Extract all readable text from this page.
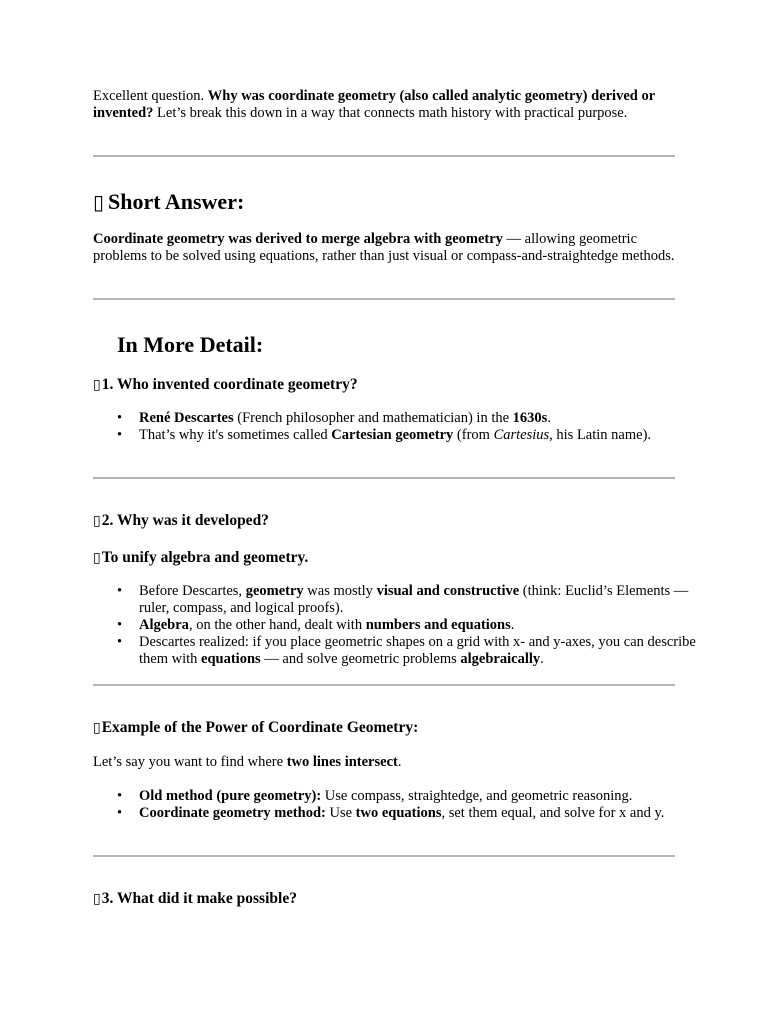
Excellent question. Why was coordinate geometry (also called analytic geometry) derived or invented? Let’s break this down in a way that connects math history with practical purpose.

▯ Short Answer:

Coordinate geometry was derived to merge algebra with geometry — allowing geometric problems to be solved using equations, rather than just visual or compass-and-straightedge methods.

In More Detail:
▯1. Who invented coordinate geometry?
• René Descartes (French philosopher and mathematician) in the 1630s.
• That’s why it's sometimes called Cartesian geometry (from Cartesius, his Latin name).
▯2. Why was it developed?
▯To unify algebra and geometry.
• Before Descartes, geometry was mostly visual and constructive (think: Euclid’s Elements — ruler, compass, and logical proofs).
• Algebra, on the other hand, dealt with numbers and equations.
• Descartes realized: if you place geometric shapes on a grid with x- and y-axes, you can describe them with equations — and solve geometric problems algebraically.
▯Example of the Power of Coordinate Geometry:

Let’s say you want to find where two lines intersect.

• Old method (pure geometry): Use compass, straightedge, and geometric reasoning.
• Coordinate geometry method: Use two equations, set them equal, and solve for x and y.
▯3. What did it make possible?
